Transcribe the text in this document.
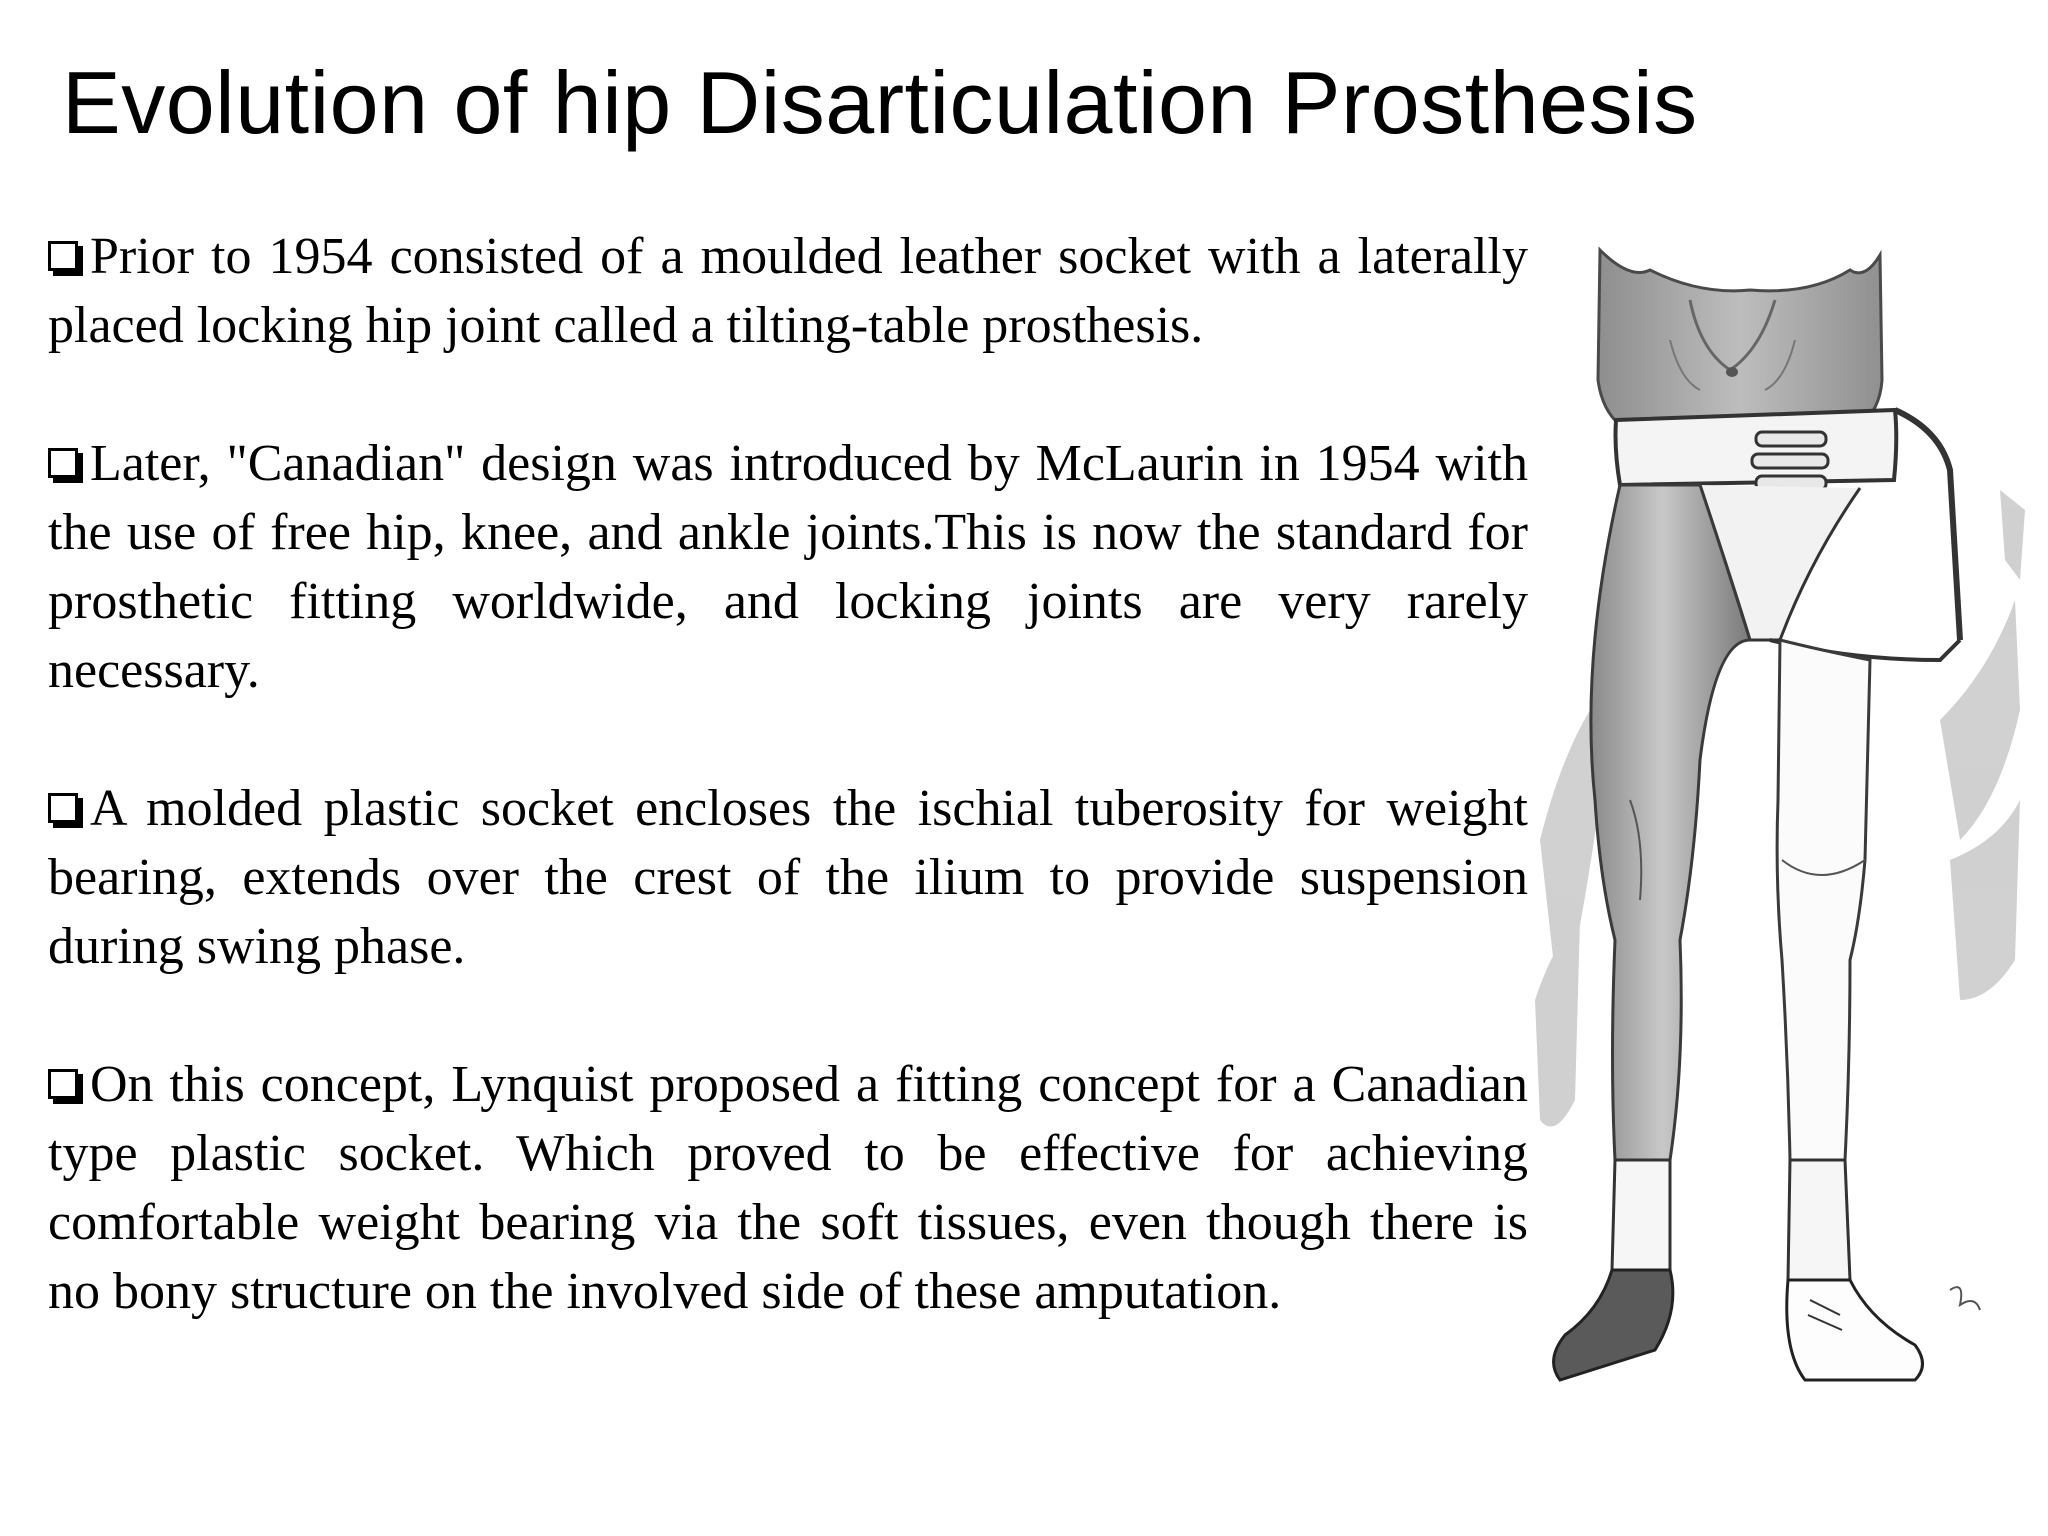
Evolution of hip Disarticulation Prosthesis

Prior to 1954 consisted of a moulded leather socket with a laterally placed locking hip joint called a tilting-table prosthesis.

Later, "Canadian" design was introduced by McLaurin in 1954 with the use of free hip, knee, and ankle joints.This is now the standard for prosthetic fitting worldwide, and locking joints are very rarely necessary.

A molded plastic socket encloses the ischial tuberosity for weight bearing, extends over the crest of the ilium to provide suspension during swing phase.

On this concept, Lynquist proposed a fitting concept for a Canadian type plastic socket. Which proved to be effective for achieving comfortable weight bearing via the soft tissues, even though there is no bony structure on the involved side of these amputation.
